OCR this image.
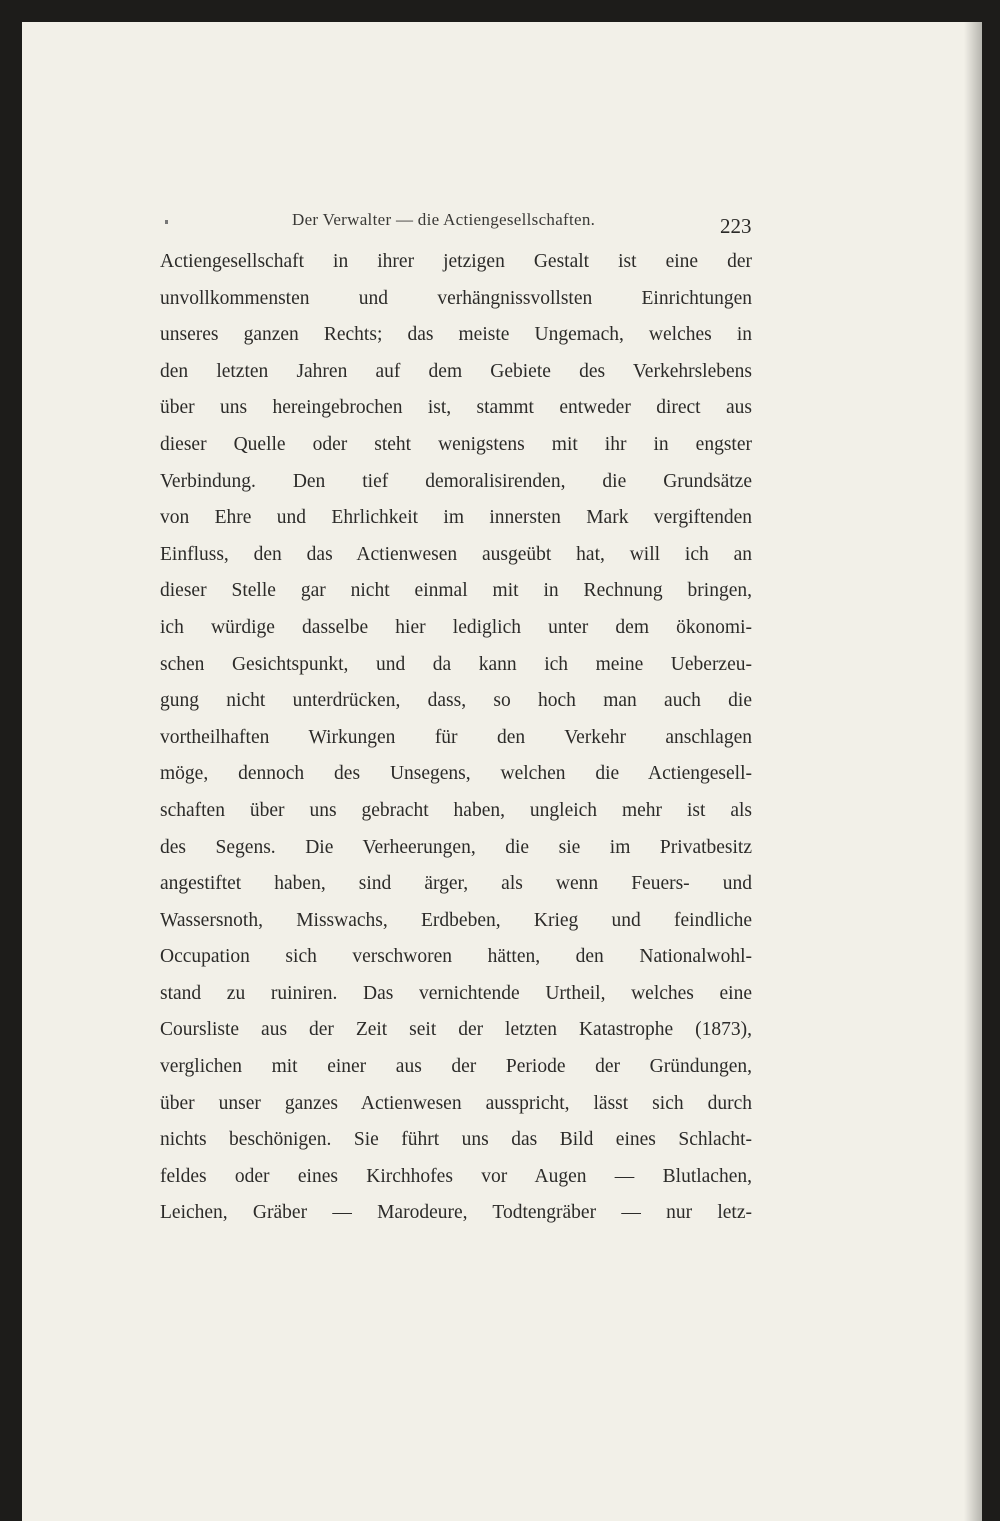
Der Verwalter — die Actiengesellschaften.	223
Actiengesellschaft in ihrer jetzigen Gestalt ist eine der
unvollkommensten und verhängnissvollsten Einrichtungen
unseres ganzen Rechts; das meiste Ungemach, welches in
den letzten Jahren auf dem Gebiete des Verkehrslebens
über uns hereingebrochen ist, stammt entweder direct aus
dieser Quelle oder steht wenigstens mit ihr in engster
Verbindung. Den tief demoralisirenden, die Grundsätze
von Ehre und Ehrlichkeit im innersten Mark vergiftenden
Einfluss, den das Actienwesen ausgeübt hat, will ich an
dieser Stelle gar nicht einmal mit in Rechnung bringen,
ich würdige dasselbe hier lediglich unter dem ökonomi-
schen Gesichtspunkt, und da kann ich meine Ueberzeu-
gung nicht unterdrücken, dass, so hoch man auch die
vortheilhaften Wirkungen für den Verkehr anschlagen
möge, dennoch des Unsegens, welchen die Actiengesell-
schaften über uns gebracht haben, ungleich mehr ist als
des Segens. Die Verheerungen, die sie im Privatbesitz
angestiftet haben, sind ärger, als wenn Feuers- und
Wassersnoth, Misswachs, Erdbeben, Krieg und feindliche
Occupation sich verschworen hätten, den Nationalwohl-
stand zu ruiniren. Das vernichtende Urtheil, welches eine
Coursliste aus der Zeit seit der letzten Katastrophe (1873),
verglichen mit einer aus der Periode der Gründungen,
über unser ganzes Actienwesen ausspricht, lässt sich durch
nichts beschönigen. Sie führt uns das Bild eines Schlacht-
feldes oder eines Kirchhofes vor Augen — Blutlachen,
Leichen, Gräber — Marodeure, Todtengräber — nur letz-
